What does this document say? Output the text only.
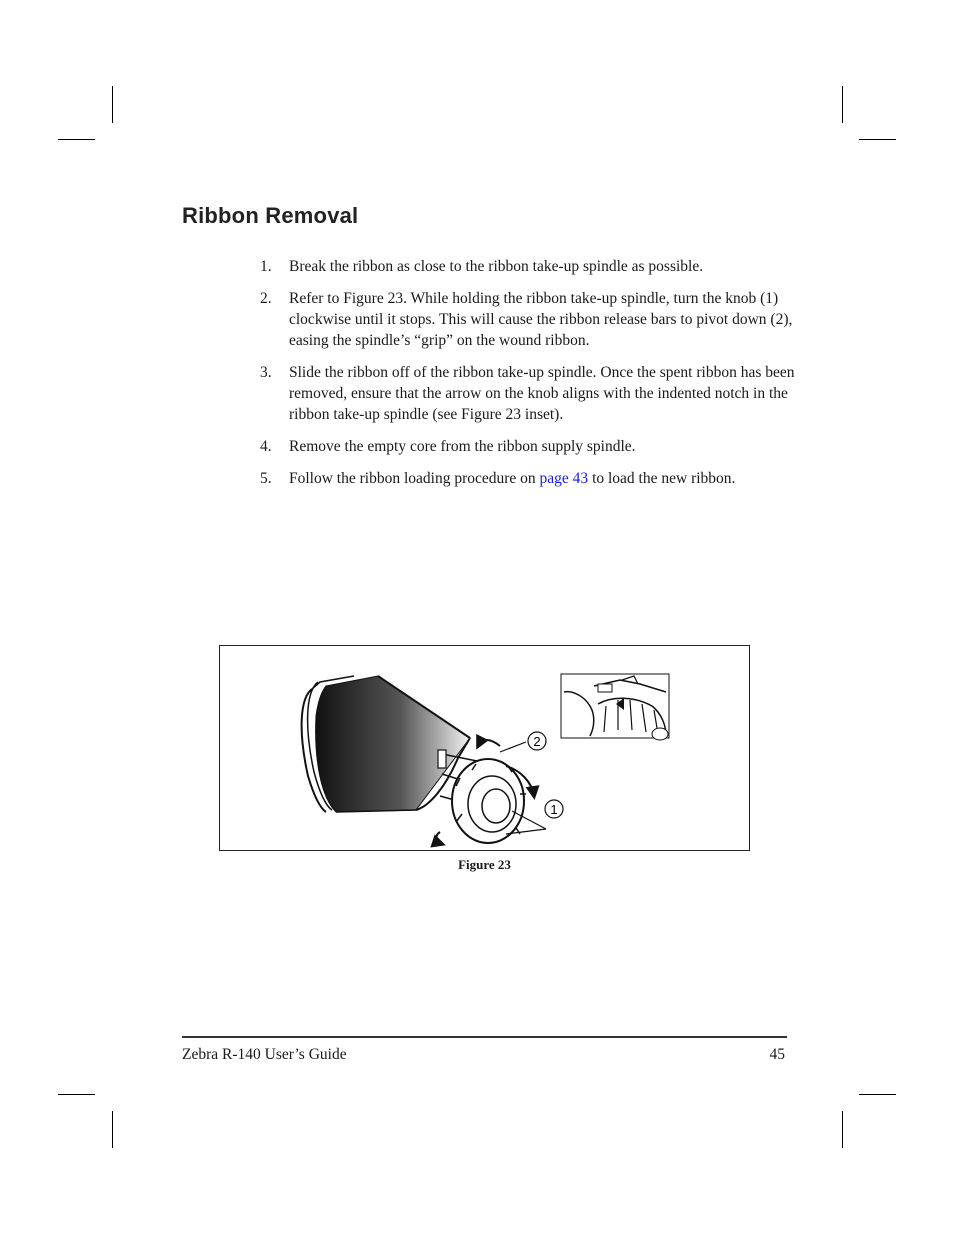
Ribbon Removal
1. Break the ribbon as close to the ribbon take-up spindle as possible.
2. Refer to Figure 23. While holding the ribbon take-up spindle, turn the knob (1) clockwise until it stops. This will cause the ribbon release bars to pivot down (2), easing the spindle’s “grip” on the wound ribbon.
3. Slide the ribbon off of the ribbon take-up spindle. Once the spent ribbon has been removed, ensure that the arrow on the knob aligns with the indented notch in the ribbon take-up spindle (see Figure 23 inset).
4. Remove the empty core from the ribbon supply spindle.
5. Follow the ribbon loading procedure on page 43 to load the new ribbon.
2
1
Figure 23
Zebra R-140 User’s Guide	45
